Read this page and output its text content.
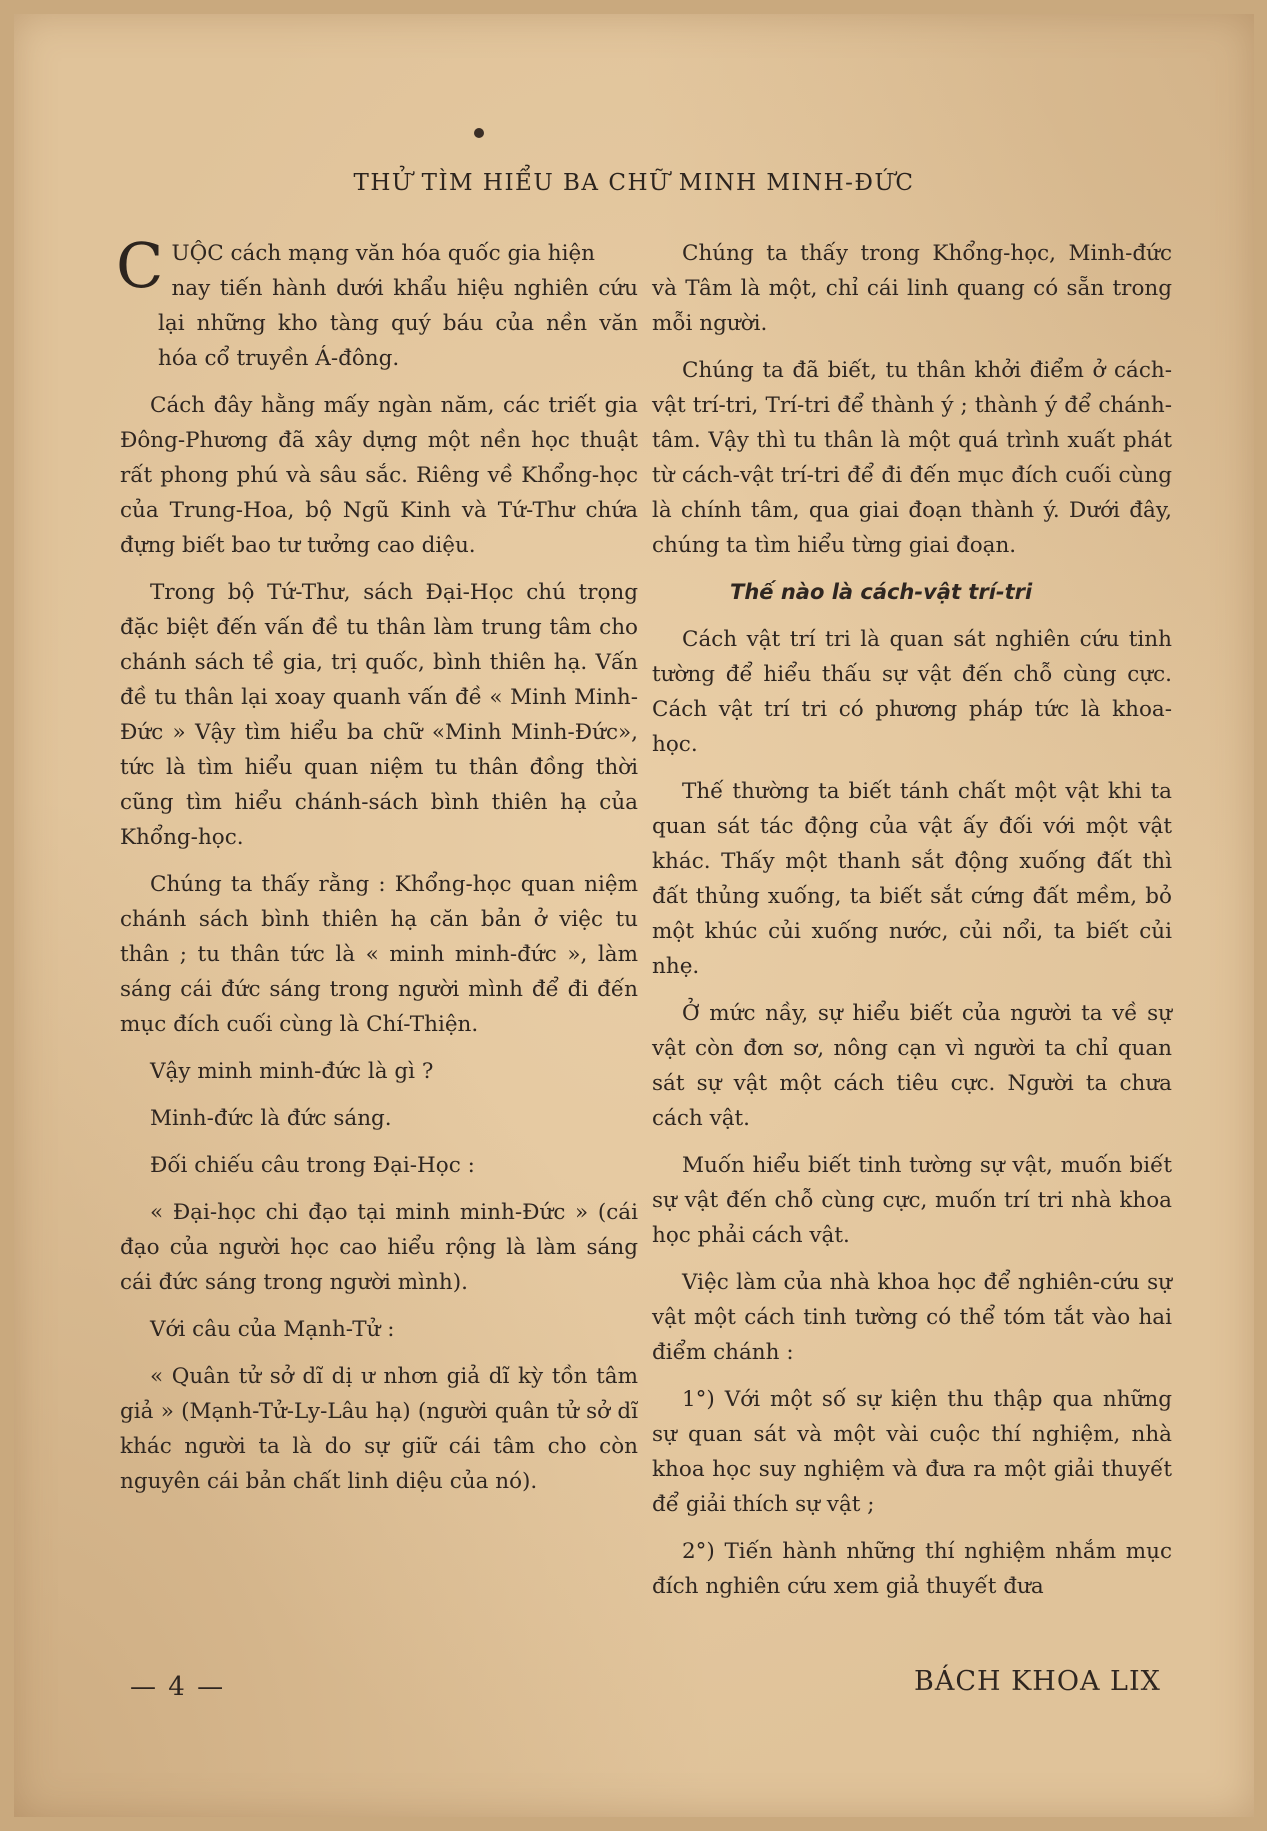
THỬ TÌM HIỂU BA CHỮ MINH MINH-ĐỨC

C UỘC cách mạng văn hóa quốc gia hiện
nay tiến hành dưới khẩu hiệu nghiên cứu lại những kho tàng quý báu của nền văn hóa cổ truyền Á-đông.

Cách đây hằng mấy ngàn năm, các triết gia Đông-Phương đã xây dựng một nền học thuật rất phong phú và sâu sắc. Riêng về Khổng-học của Trung-Hoa, bộ Ngũ Kinh và Tứ-Thư chứa đựng biết bao tư tưởng cao diệu.

Trong bộ Tứ-Thư, sách Đại-Học chú trọng đặc biệt đến vấn đề tu thân làm trung tâm cho chánh sách tề gia, trị quốc, bình thiên hạ. Vấn đề tu thân lại xoay quanh vấn đề « Minh Minh-Đức » Vậy tìm hiểu ba chữ «Minh Minh-Đức», tức là tìm hiểu quan niệm tu thân đồng thời cũng tìm hiểu chánh-sách bình thiên hạ của Khổng-học.

Chúng ta thấy rằng : Khổng-học quan niệm chánh sách bình thiên hạ căn bản ở việc tu thân ; tu thân tức là « minh minh-đức », làm sáng cái đức sáng trong người mình để đi đến mục đích cuối cùng là Chí-Thiện.

Vậy minh minh-đức là gì ?

Minh-đức là đức sáng.

Đối chiếu câu trong Đại-Học :

« Đại-học chi đạo tại minh minh-Đức » (cái đạo của người học cao hiểu rộng là làm sáng cái đức sáng trong người mình).

Với câu của Mạnh-Tử :

« Quân tử sở dĩ dị ư nhơn giả dĩ kỳ tồn tâm giả » (Mạnh-Tử-Ly-Lâu hạ) (người quân tử sở dĩ khác người ta là do sự giữ cái tâm cho còn nguyên cái bản chất linh diệu của nó).

Chúng ta thấy trong Khổng-học, Minh-đức và Tâm là một, chỉ cái linh quang có sẵn trong mỗi người.

Chúng ta đã biết, tu thân khởi điểm ở cách-vật trí-tri, Trí-tri để thành ý ; thành ý để chánh-tâm. Vậy thì tu thân là một quá trình xuất phát từ cách-vật trí-tri để đi đến mục đích cuối cùng là chính tâm, qua giai đoạn thành ý. Dưới đây, chúng ta tìm hiểu từng giai đoạn.

Thế nào là cách-vật trí-tri

Cách vật trí tri là quan sát nghiên cứu tinh tường để hiểu thấu sự vật đến chỗ cùng cực. Cách vật trí tri có phương pháp tức là khoa-học.

Thế thường ta biết tánh chất một vật khi ta quan sát tác động của vật ấy đối với một vật khác. Thấy một thanh sắt động xuống đất thì đất thủng xuống, ta biết sắt cứng đất mềm, bỏ một khúc củi xuống nước, củi nổi, ta biết củi nhẹ.

Ở mức nầy, sự hiểu biết của người ta về sự vật còn đơn sơ, nông cạn vì người ta chỉ quan sát sự vật một cách tiêu cực. Người ta chưa cách vật.

Muốn hiểu biết tinh tường sự vật, muốn biết sự vật đến chỗ cùng cực, muốn trí tri nhà khoa học phải cách vật.

Việc làm của nhà khoa học để nghiên-cứu sự vật một cách tinh tường có thể tóm tắt vào hai điểm chánh :

1°) Với một số sự kiện thu thập qua những sự quan sát và một vài cuộc thí nghiệm, nhà khoa học suy nghiệm và đưa ra một giải thuyết để giải thích sự vật ;

2°) Tiến hành những thí nghiệm nhắm mục đích nghiên cứu xem giả thuyết đưa

— 4 —	BÁCH KHOA LIX
